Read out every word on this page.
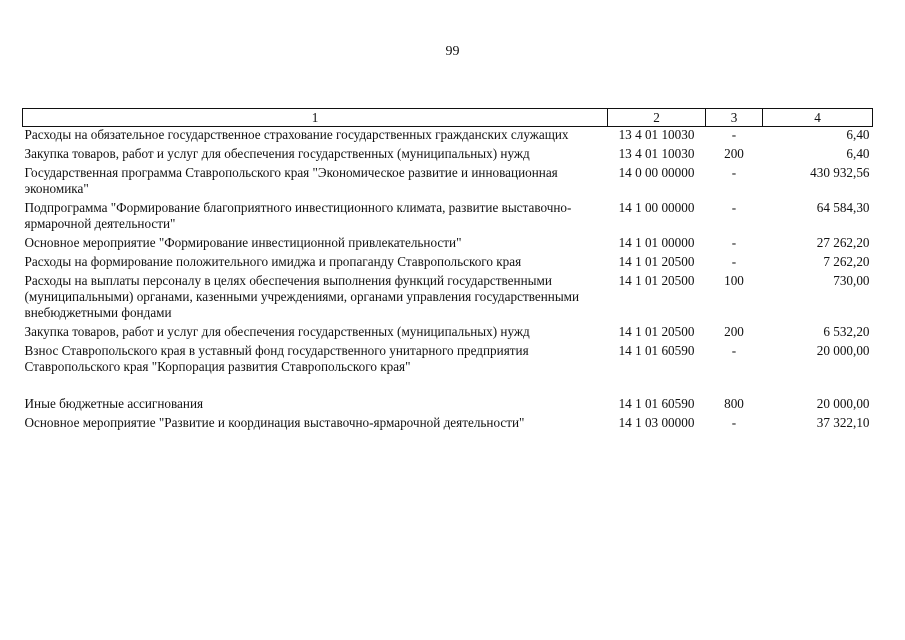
99
1	2	3	4
Расходы на обязательное государственное страхование государственных гражданских служащих	13 4 01 10030	-	6,40
Закупка товаров, работ и услуг для обеспечения государственных (муниципальных) нужд	13 4 01 10030	200	6,40
Государственная программа Ставропольского края "Экономическое развитие и инновационная экономика"	14 0 00 00000	-	430 932,56
Подпрограмма "Формирование благоприятного инвестиционного климата, развитие выставочно-ярмарочной деятельности"	14 1 00 00000	-	64 584,30
Основное мероприятие "Формирование инвестиционной привлекательности"	14 1 01 00000	-	27 262,20
Расходы на формирование положительного имиджа и пропаганду Ставропольского края	14 1 01 20500	-	7 262,20
Расходы на выплаты персоналу в целях обеспечения выполнения функций государственными (муниципальными) органами, казенными учреждениями, органами управления государственными внебюджетными фондами	14 1 01 20500	100	730,00
Закупка товаров, работ и услуг для обеспечения государственных (муниципальных) нужд	14 1 01 20500	200	6 532,20
Взнос Ставропольского края в уставный фонд государственного унитарного предприятия Ставропольского края "Корпорация развития Ставропольского края"	14 1 01 60590	-	20 000,00
Иные бюджетные ассигнования	14 1 01 60590	800	20 000,00
Основное мероприятие "Развитие и координация выставочно-ярмарочной деятельности"	14 1 03 00000	-	37 322,10
